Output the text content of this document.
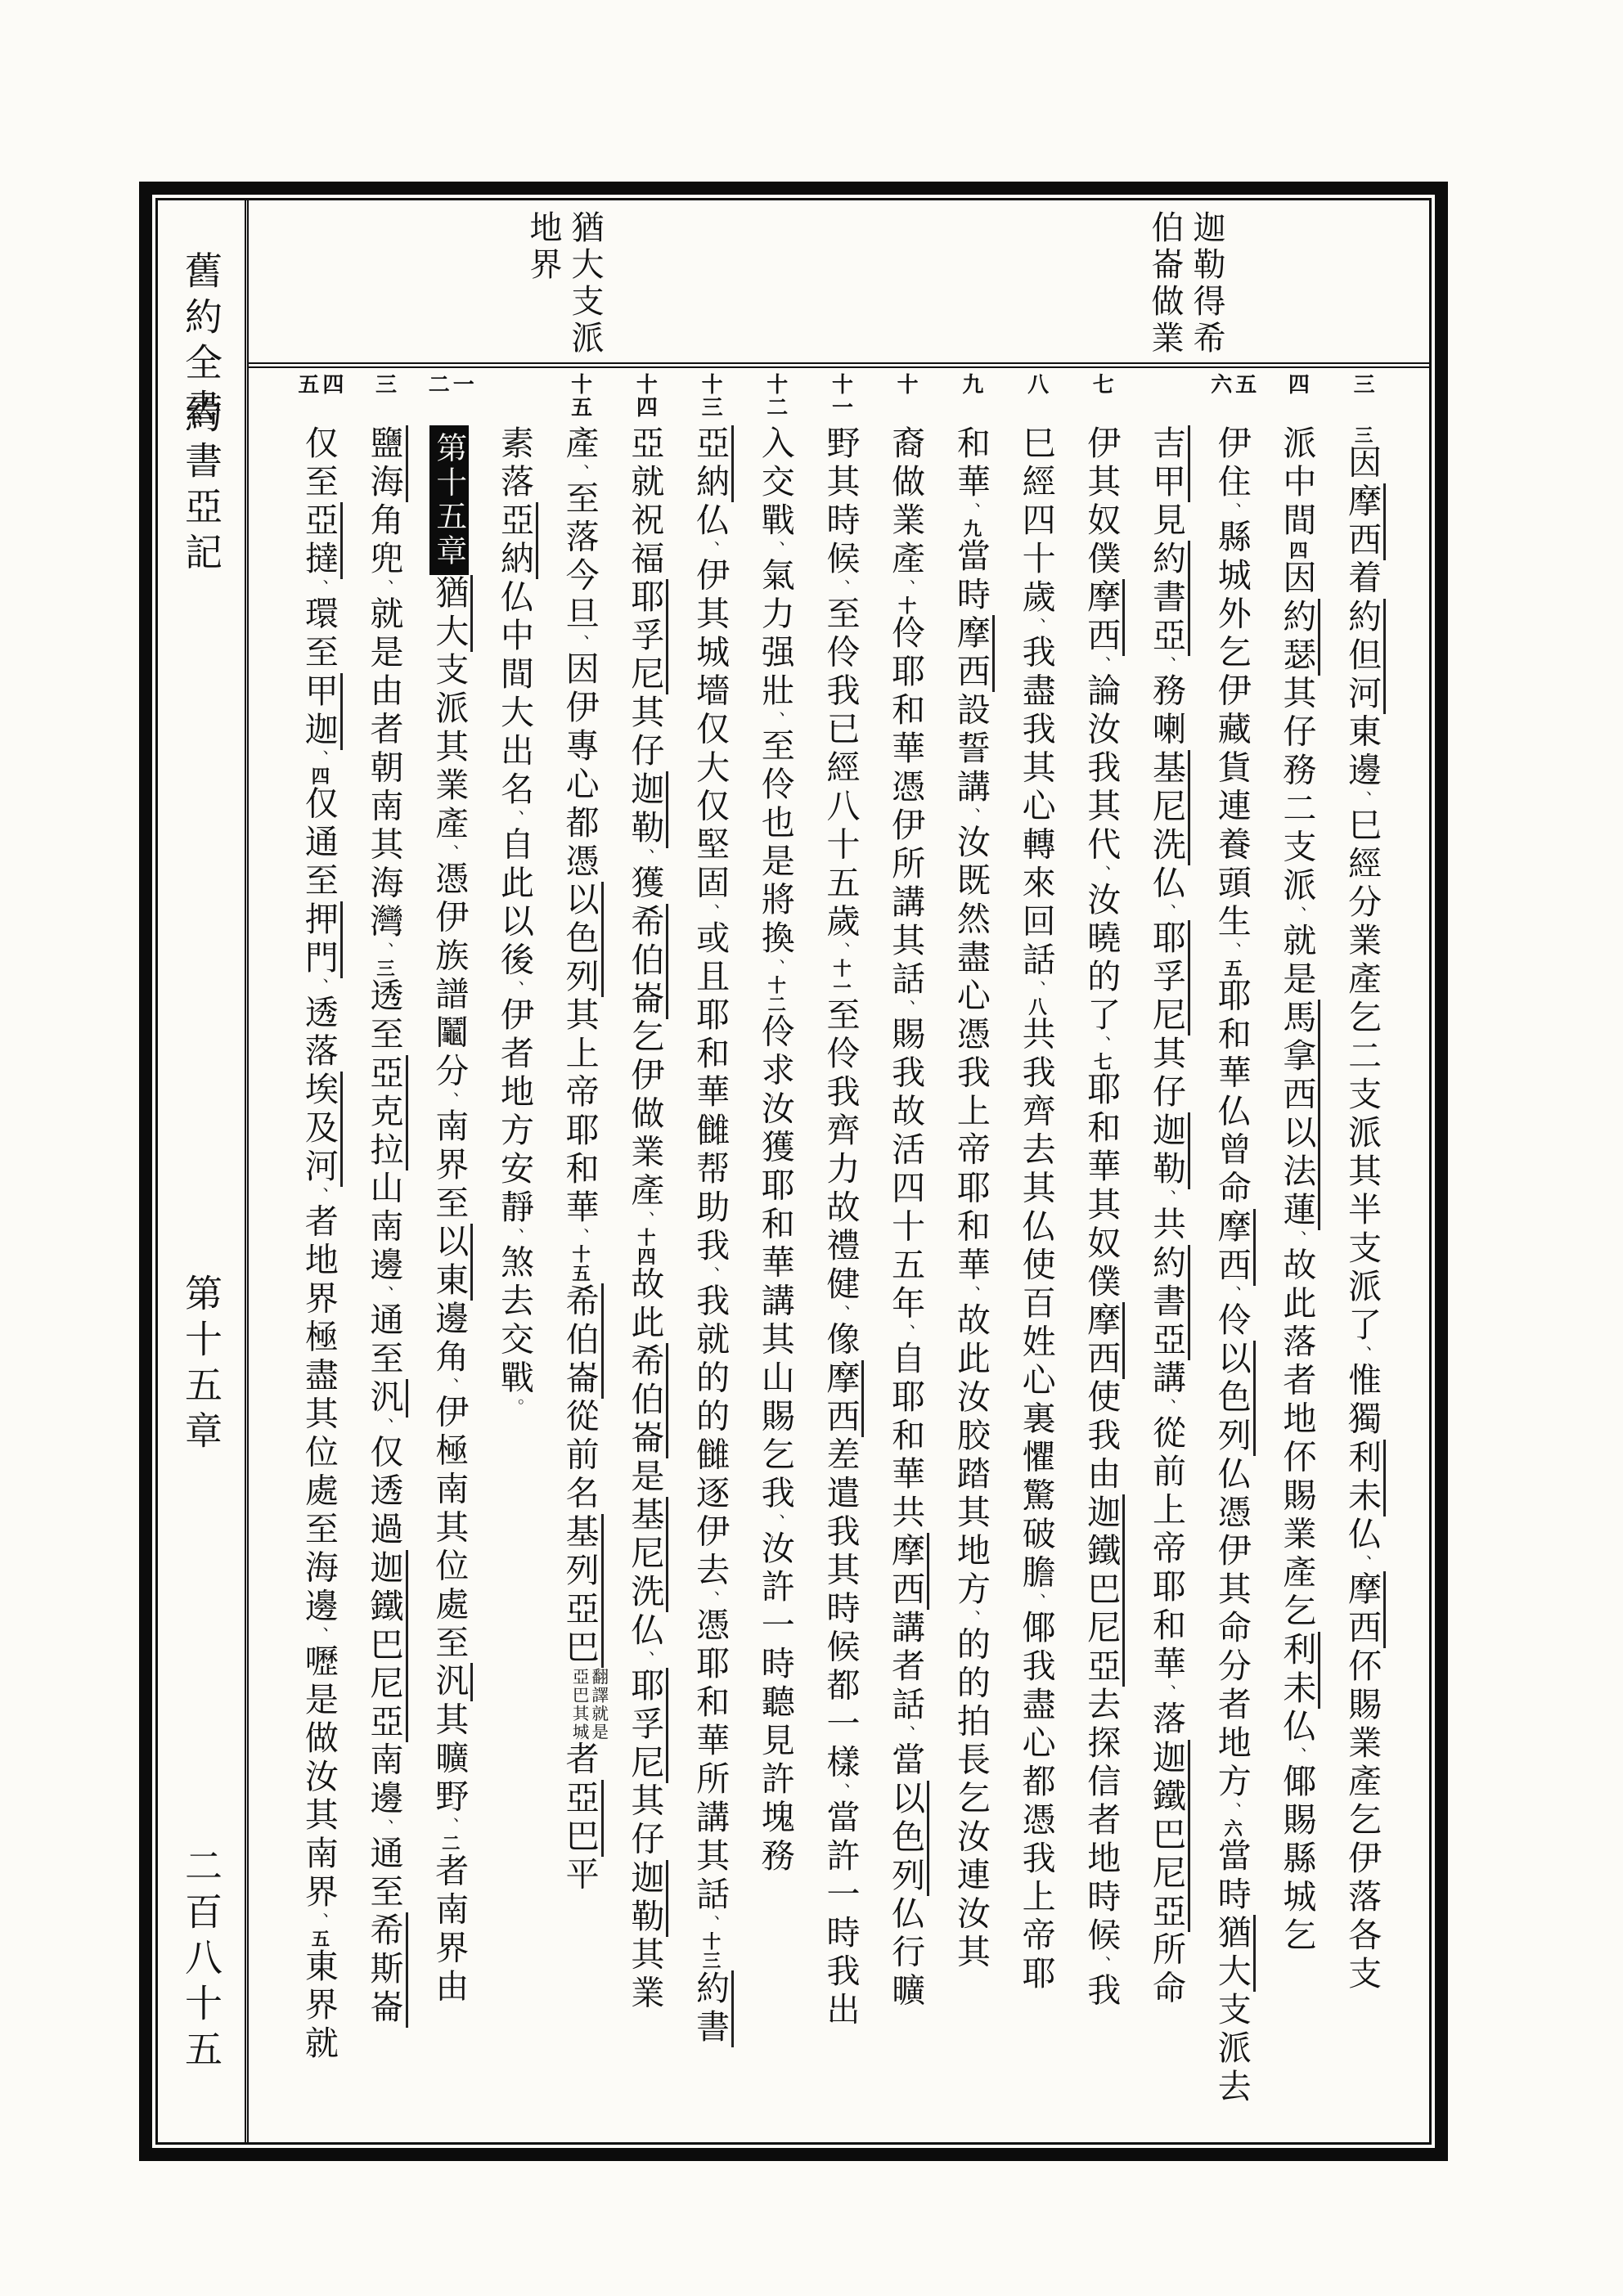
舊約全書
約書亞記
第十五章
二百八十五
迦勒得希
伯崙做業
猶大支派
地界
三
三因摩西着約但河東邊、巳經分業產乞二支派其半支派了、惟獨利未仏、摩西伓賜業產乞伊落各支
四
派中間四因約瑟其仔務二支派、就是馬拿西以法蓮、故此落者地伓賜業產乞利未仏、倻賜縣城乞
五
六
伊住、縣城外乞伊藏貨連養頭生、五耶和華仏曾命摩西、伶以色列仏憑伊其命分者地方、六當時猶大支派去
吉甲見約書亞、務喇基尼洗仏、耶孚尼其仔迦勒、共約書亞講、從前上帝耶和華、落迦鐵巴尼亞所命
七
伊其奴僕摩西、論汝我其代、汝曉的了、七耶和華其奴僕摩西使我由迦鐵巴尼亞去探信者地時候、我
八
巳經四十歲、我盡我其心轉來回話、八共我齊去其仏使百姓心裏懼驚破膽、倻我盡心都憑我上帝耶
九
和華、九當時摩西設誓講、汝既然盡心憑我上帝耶和華、故此汝胶踏其地方、的的拍長乞汝連汝其
十
裔做業產、十伶耶和華憑伊所講其話、賜我故活四十五年、自耶和華共摩西講者話、當以色列仏行曠
十一
野其時候、至伶我已經八十五歲、十一至伶我齊力故禮健、像摩西差遣我其時候都一樣、當許一時我出
十二
入交戰、氣力强壯、至伶也是將換、十二伶求汝獲耶和華講其山賜乞我、汝許一時聽見許塊務
十三
亞納仏、伊其城墻仅大仅堅固、或且耶和華雠帮助我、我就的的雠逐伊去、憑耶和華所講其話、十三約書
十四
亞就祝福耶孚尼其仔迦勒、獲希伯崙乞伊做業產、十四故此希伯崙是基尼洗仏、耶孚尼其仔迦勒其業
十五
產、至落今旦、因伊專心都憑以色列其上帝耶和華、十五希伯崙從前名基列亞巴
翻譯就是
亞巴其城
者亞巴平
素落亞納仏中間大出名、自此以後、伊者地方安靜、煞去交戰。
一
二
第十五章猶大支派其業產、憑伊族譜鬮分、南界至以東邊角、伊極南其位處至汎其曠野、二者南界由
三
鹽海角兜、就是由者朝南其海灣、三透至亞克拉山南邊、通至汎、仅透過迦鐵巴尼亞南邊、通至希斯崙
四
五
仅至亞撻、環至甲迦、四仅通至押門、透落埃及河、者地界極盡其位處至海邊、嚦是做汝其南界、五東界就
